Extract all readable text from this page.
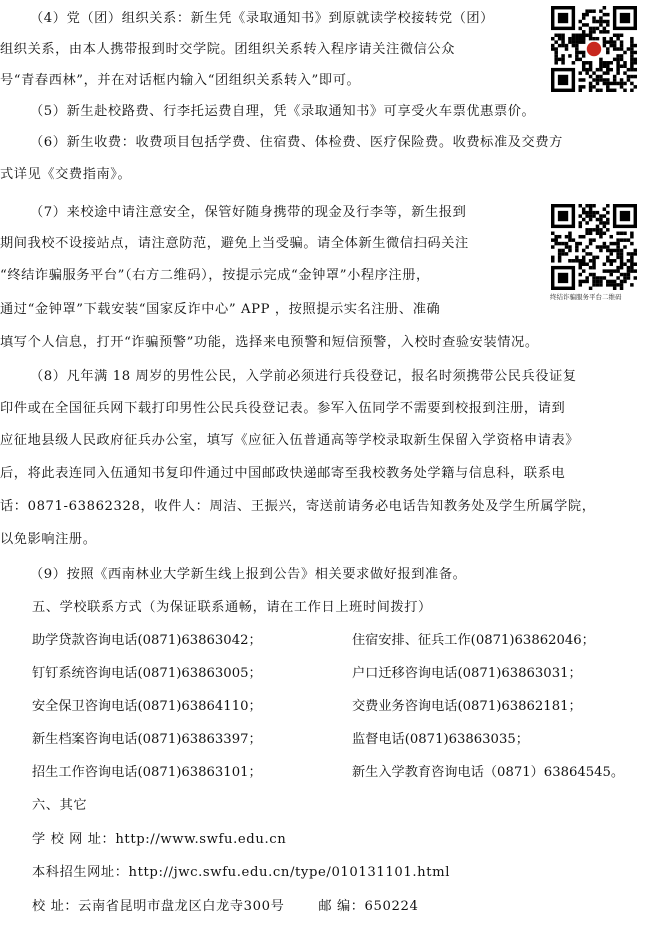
（4）党（团）组织关系：新生凭《录取通知书》到原就读学校接转党（团）
组织关系，由本人携带报到时交学院。团组织关系转入程序请关注微信公众
号“青春西林”，并在对话框内输入“团组织关系转入”即可。
（5）新生赴校路费、行李托运费自理，凭《录取通知书》可享受火车票优惠票价。
（6）新生收费：收费项目包括学费、住宿费、体检费、医疗保险费。收费标准及交费方
式详见《交费指南》。
（7）来校途中请注意安全，保管好随身携带的现金及行李等，新生报到
期间我校不设接站点，请注意防范，避免上当受骗。请全体新生微信扫码关注
“终结诈骗服务平台”（右方二维码），按提示完成“金钟罩”小程序注册，
通过“金钟罩”下载安装“国家反诈中心” APP ，按照提示实名注册、准确
填写个人信息，打开“诈骗预警”功能，选择来电预警和短信预警，入校时查验安装情况。
终结诈骗服务平台二维码
（8）凡年满 18 周岁的男性公民，入学前必须进行兵役登记，报名时须携带公民兵役证复
印件或在全国征兵网下载打印男性公民兵役登记表。参军入伍同学不需要到校报到注册，请到
应征地县级人民政府征兵办公室，填写《应征入伍普通高等学校录取新生保留入学资格申请表》
后，将此表连同入伍通知书复印件通过中国邮政快递邮寄至我校教务处学籍与信息科，联系电
话：0871-63862328，收件人：周洁、王振兴，寄送前请务必电话告知教务处及学生所属学院，
以免影响注册。
（9）按照《西南林业大学新生线上报到公告》相关要求做好报到准备。
五、学校联系方式（为保证联系通畅，请在工作日上班时间拨打）
助学贷款咨询电话(0871)63863042；	住宿安排、征兵工作(0871)63862046；
钉钉系统咨询电话(0871)63863005；	户口迁移咨询电话(0871)63863031；
安全保卫咨询电话(0871)63864110；	交费业务咨询电话(0871)63862181；
新生档案咨询电话(0871)63863397；	监督电话(0871)63863035；
招生工作咨询电话(0871)63863101；	新生入学教育咨询电话（0871）63864545。
六、其它
学 校 网 址：http://www.swfu.edu.cn
本科招生网址：http://jwc.swfu.edu.cn/type/010131101.html
校 址：云南省昆明市盘龙区白龙寺300号	邮 编：650224
